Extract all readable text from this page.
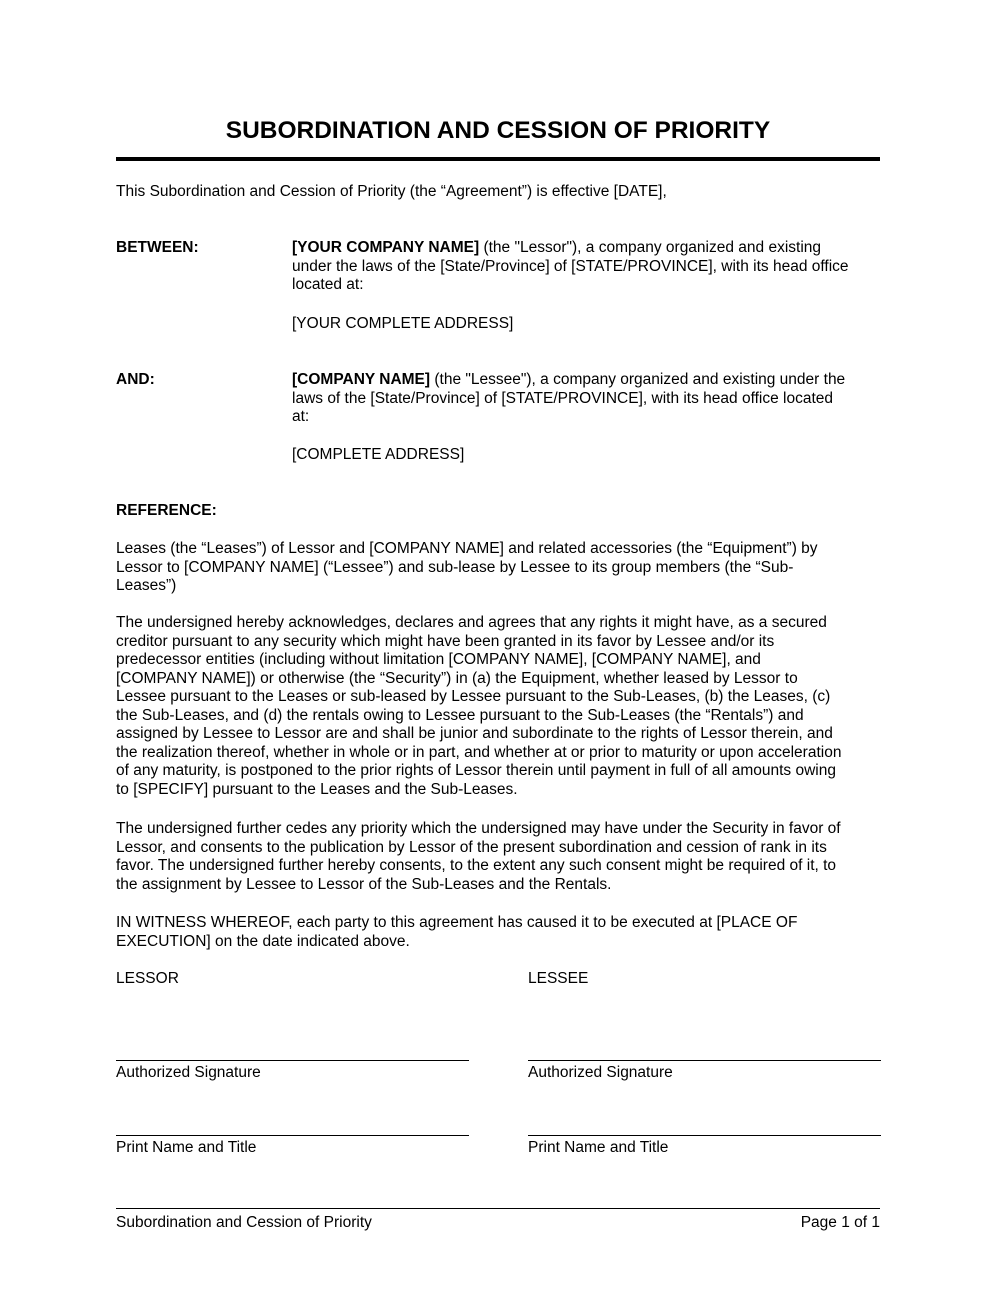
SUBORDINATION AND CESSION OF PRIORITY

This Subordination and Cession of Priority (the “Agreement”) is effective [DATE],

BETWEEN:	[YOUR COMPANY NAME] (the "Lessor"), a company organized and existing
under the laws of the [State/Province] of [STATE/PROVINCE], with its head office
located at:

[YOUR COMPLETE ADDRESS]

AND:	[COMPANY NAME] (the "Lessee"), a company organized and existing under the
laws of the [State/Province] of [STATE/PROVINCE], with its head office located
at:

[COMPLETE ADDRESS]

REFERENCE:

Leases (the “Leases”) of Lessor and [COMPANY NAME] and related accessories (the “Equipment”) by
Lessor to [COMPANY NAME] (“Lessee”) and sub-lease by Lessee to its group members (the “Sub-
Leases”)
The undersigned hereby acknowledges, declares and agrees that any rights it might have, as a secured
creditor pursuant to any security which might have been granted in its favor by Lessee and/or its
predecessor entities (including without limitation [COMPANY NAME], [COMPANY NAME], and
[COMPANY NAME]) or otherwise (the “Security”) in (a) the Equipment, whether leased by Lessor to
Lessee pursuant to the Leases or sub-leased by Lessee pursuant to the Sub-Leases, (b) the Leases, (c)
the Sub-Leases, and (d) the rentals owing to Lessee pursuant to the Sub-Leases (the “Rentals”) and
assigned by Lessee to Lessor are and shall be junior and subordinate to the rights of Lessor therein, and
the realization thereof, whether in whole or in part, and whether at or prior to maturity or upon acceleration
of any maturity, is postponed to the prior rights of Lessor therein until payment in full of all amounts owing
to [SPECIFY] pursuant to the Leases and the Sub-Leases.
The undersigned further cedes any priority which the undersigned may have under the Security in favor of
Lessor, and consents to the publication by Lessor of the present subordination and cession of rank in its
favor. The undersigned further hereby consents, to the extent any such consent might be required of it, to
the assignment by Lessee to Lessor of the Sub-Leases and the Rentals.
IN WITNESS WHEREOF, each party to this agreement has caused it to be executed at [PLACE OF
EXECUTION] on the date indicated above.

LESSOR	LESSEE

Authorized Signature	Authorized Signature

Print Name and Title	Print Name and Title

Subordination and Cession of Priority	Page 1 of 1
